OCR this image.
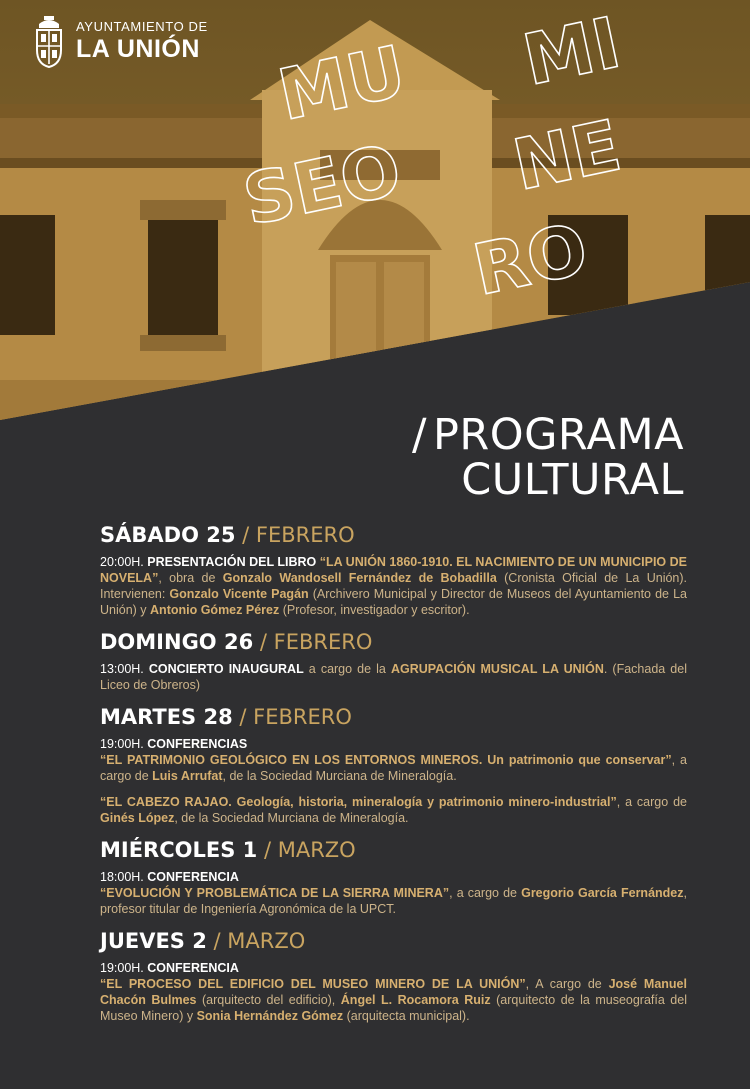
AYUNTAMIENTO DE
LA UNIÓN MU
SEO
MI
NE
RO
/ PROGRAMA
CULTURAL
SÁBADO 25 / FEBRERO
20:00H. PRESENTACIÓN DEL LIBRO “LA UNIÓN 1860-1910. EL NACIMIENTO DE UN MUNICIPIO DE NOVELA”, obra de Gonzalo Wandosell Fernández de Bobadilla (Cronista Oficial de La Unión). Intervienen: Gonzalo Vicente Pagán (Archivero Municipal y Director de Museos del Ayuntamiento de La Unión) y Antonio Gómez Pérez (Profesor, investigador y escritor).
DOMINGO 26 / FEBRERO
13:00H. CONCIERTO INAUGURAL a cargo de la AGRUPACIÓN MUSICAL LA UNIÓN. (Fachada del Liceo de Obreros)
MARTES 28 / FEBRERO
19:00H. CONFERENCIAS
“EL PATRIMONIO GEOLÓGICO EN LOS ENTORNOS MINEROS. Un patrimonio que conservar”, a cargo de Luis Arrufat, de la Sociedad Murciana de Mineralogía.
“EL CABEZO RAJAO. Geología, historia, mineralogía y patrimonio minero-industrial”, a cargo de Ginés López, de la Sociedad Murciana de Mineralogía.
MIÉRCOLES 1 / MARZO
18:00H. CONFERENCIA
“EVOLUCIÓN Y PROBLEMÁTICA DE LA SIERRA MINERA”, a cargo de Gregorio García Fernández, profesor titular de Ingeniería Agronómica de la UPCT.
JUEVES 2 / MARZO
19:00H. CONFERENCIA
“EL PROCESO DEL EDIFICIO DEL MUSEO MINERO DE LA UNIÓN”, A cargo de José Manuel Chacón Bulmes (arquitecto del edificio), Ángel L. Rocamora Ruiz (arquitecto de la museografía del Museo Minero) y Sonia Hernández Gómez (arquitecta municipal).
